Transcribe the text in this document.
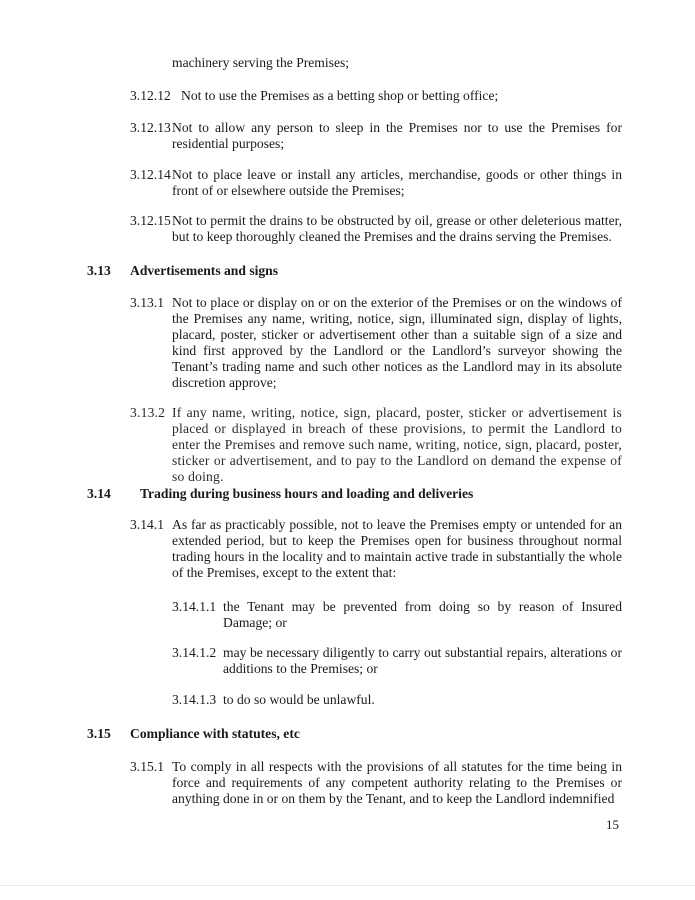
machinery serving the Premises;
3.12.12 Not to use the Premises as a betting shop or betting office;
3.12.13 Not to allow any person to sleep in the Premises nor to use the Premises for residential purposes;
3.12.14 Not to place leave or install any articles, merchandise, goods or other things in front of or elsewhere outside the Premises;
3.12.15 Not to permit the drains to be obstructed by oil, grease or other deleterious matter, but to keep thoroughly cleaned the Premises and the drains serving the Premises.
3.13 Advertisements and signs
3.13.1 Not to place or display on or on the exterior of the Premises or on the windows of the Premises any name, writing, notice, sign, illuminated sign, display of lights, placard, poster, sticker or advertisement other than a suitable sign of a size and kind first approved by the Landlord or the Landlord’s surveyor showing the Tenant’s trading name and such other notices as the Landlord may in its absolute discretion approve;
3.13.2 If any name, writing, notice, sign, placard, poster, sticker or advertisement is placed or displayed in breach of these provisions, to permit the Landlord to enter the Premises and remove such name, writing, notice, sign, placard, poster, sticker or advertisement, and to pay to the Landlord on demand the expense of so doing.
3.14 Trading during business hours and loading and deliveries
3.14.1 As far as practicably possible, not to leave the Premises empty or untended for an extended period, but to keep the Premises open for business throughout normal trading hours in the locality and to maintain active trade in substantially the whole of the Premises, except to the extent that:
3.14.1.1 the Tenant may be prevented from doing so by reason of Insured Damage; or
3.14.1.2 may be necessary diligently to carry out substantial repairs, alterations or additions to the Premises; or
3.14.1.3 to do so would be unlawful.
3.15 Compliance with statutes, etc
3.15.1 To comply in all respects with the provisions of all statutes for the time being in force and requirements of any competent authority relating to the Premises or anything done in or on them by the Tenant, and to keep the Landlord indemnified
15
